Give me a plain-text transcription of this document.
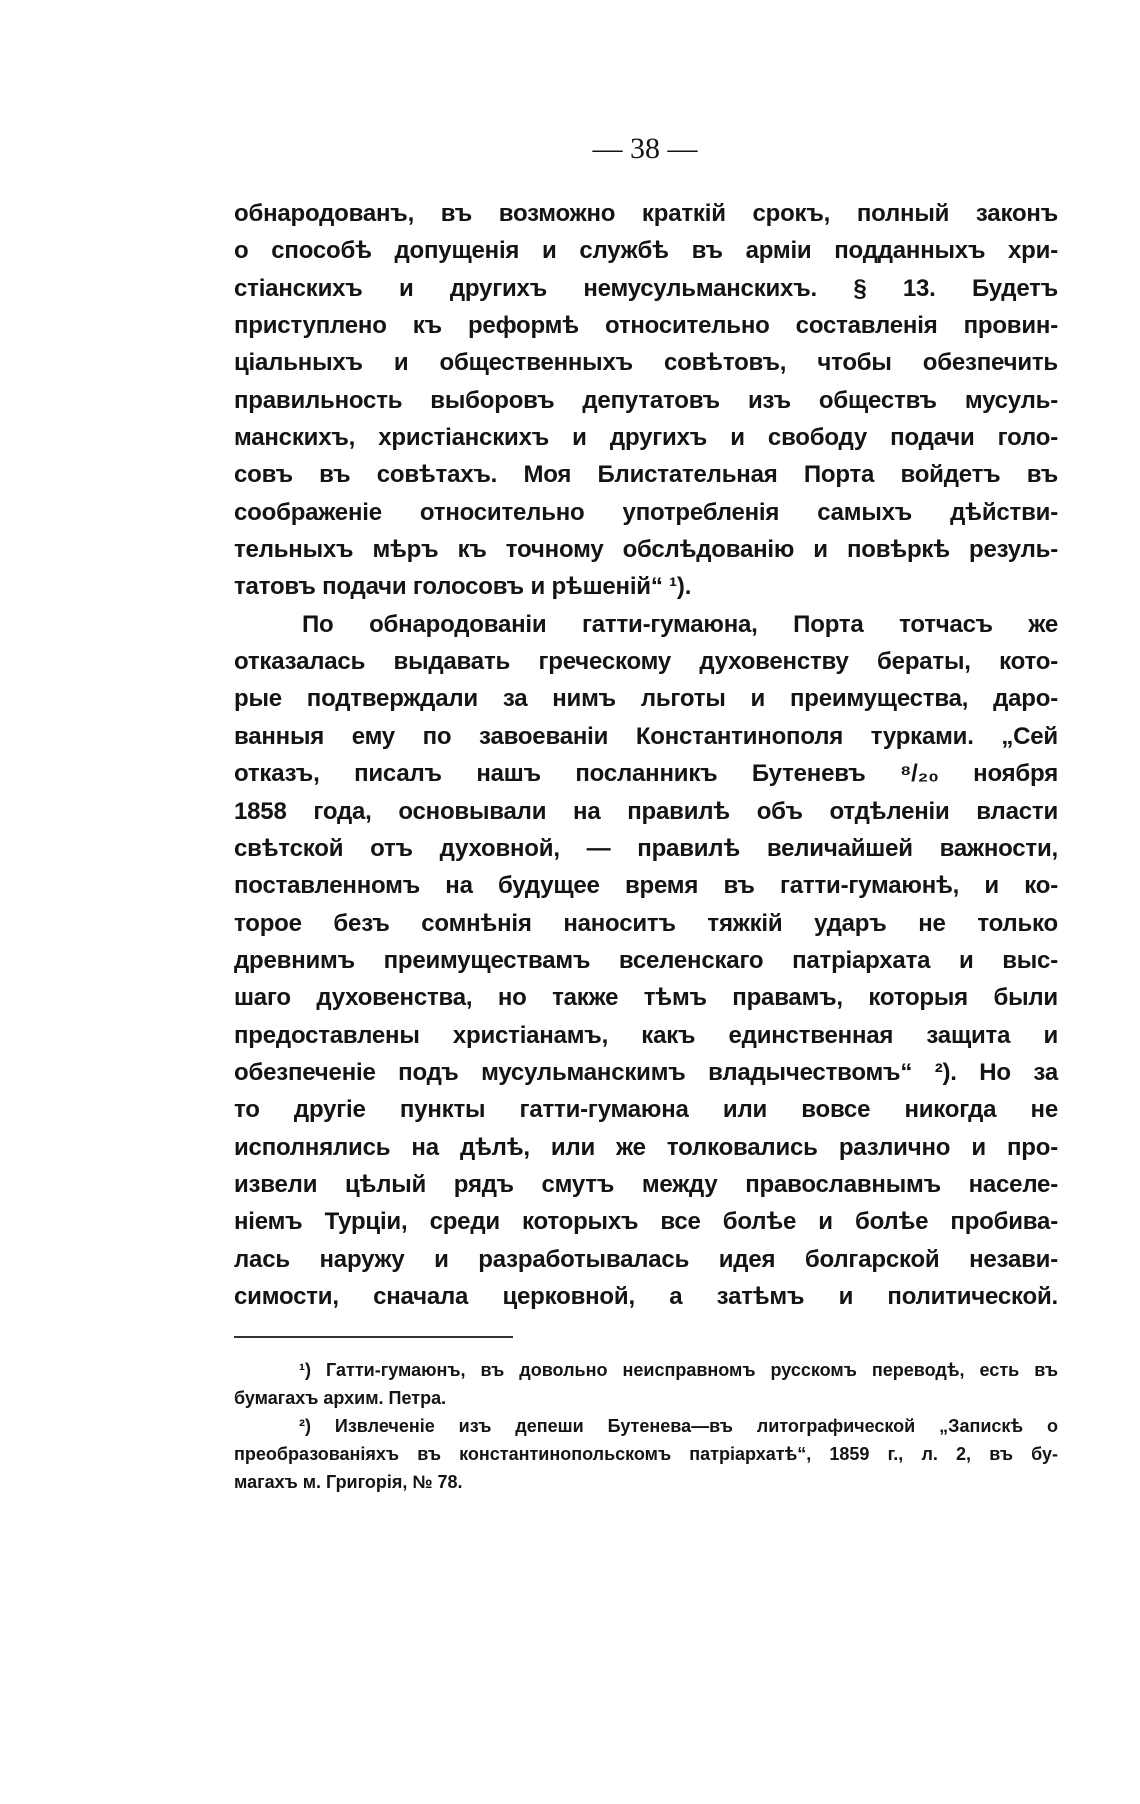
— 38 —
обнародованъ, въ возможно краткій срокъ, полный законъ
о способѣ допущенія и службѣ въ арміи подданныхъ хри-
стіанскихъ и другихъ немусульманскихъ. § 13. Будетъ
приступлено къ реформѣ относительно составленія провин-
ціальныхъ и общественныхъ совѣтовъ, чтобы обезпечить
правильность выборовъ депутатовъ изъ обществъ мусуль-
манскихъ, христіанскихъ и другихъ и свободу подачи голо-
совъ въ совѣтахъ. Моя Блистательная Порта войдетъ въ
соображеніе относительно употребленія самыхъ дѣйстви-
тельныхъ мѣръ къ точному обслѣдованію и повѣркѣ резуль-
татовъ подачи голосовъ и рѣшеній“ ¹).
По обнародованіи гатти-гумаюна, Порта тотчасъ же
отказалась выдавать греческому духовенству бераты, кото-
рые подтверждали за нимъ льготы и преимущества, даро-
ванныя ему по завоеваніи Константинополя турками. „Сей
отказъ, писалъ нашъ посланникъ Бутеневъ ⁸/₂₀ ноября
1858 года, основывали на правилѣ объ отдѣленіи власти
свѣтской отъ духовной, — правилѣ величайшей важности,
поставленномъ на будущее время въ гатти-гумаюнѣ, и ко-
торое безъ сомнѣнія наноситъ тяжкій ударъ не только
древнимъ преимуществамъ вселенскаго патріархата и выс-
шаго духовенства, но также тѣмъ правамъ, которыя были
предоставлены христіанамъ, какъ единственная защита и
обезпеченіе подъ мусульманскимъ владычествомъ“ ²). Но за
то другіе пункты гатти-гумаюна или вовсе никогда не
исполнялись на дѣлѣ, или же толковались различно и про-
извели цѣлый рядъ смутъ между православнымъ населе-
ніемъ Турціи, среди которыхъ все болѣе и болѣе пробива-
лась наружу и разработывалась идея болгарской незави-
симости, сначала церковной, а затѣмъ и политической.
¹) Гатти-гумаюнъ, въ довольно неисправномъ русскомъ переводѣ, есть въ
бумагахъ архим. Петра.
²) Извлеченіе изъ депеши Бутенева—въ литографической „Запискѣ о
преобразованіяхъ въ константинопольскомъ патріархатѣ“, 1859 г., л. 2, въ бу-
магахъ м. Григорія, № 78.
